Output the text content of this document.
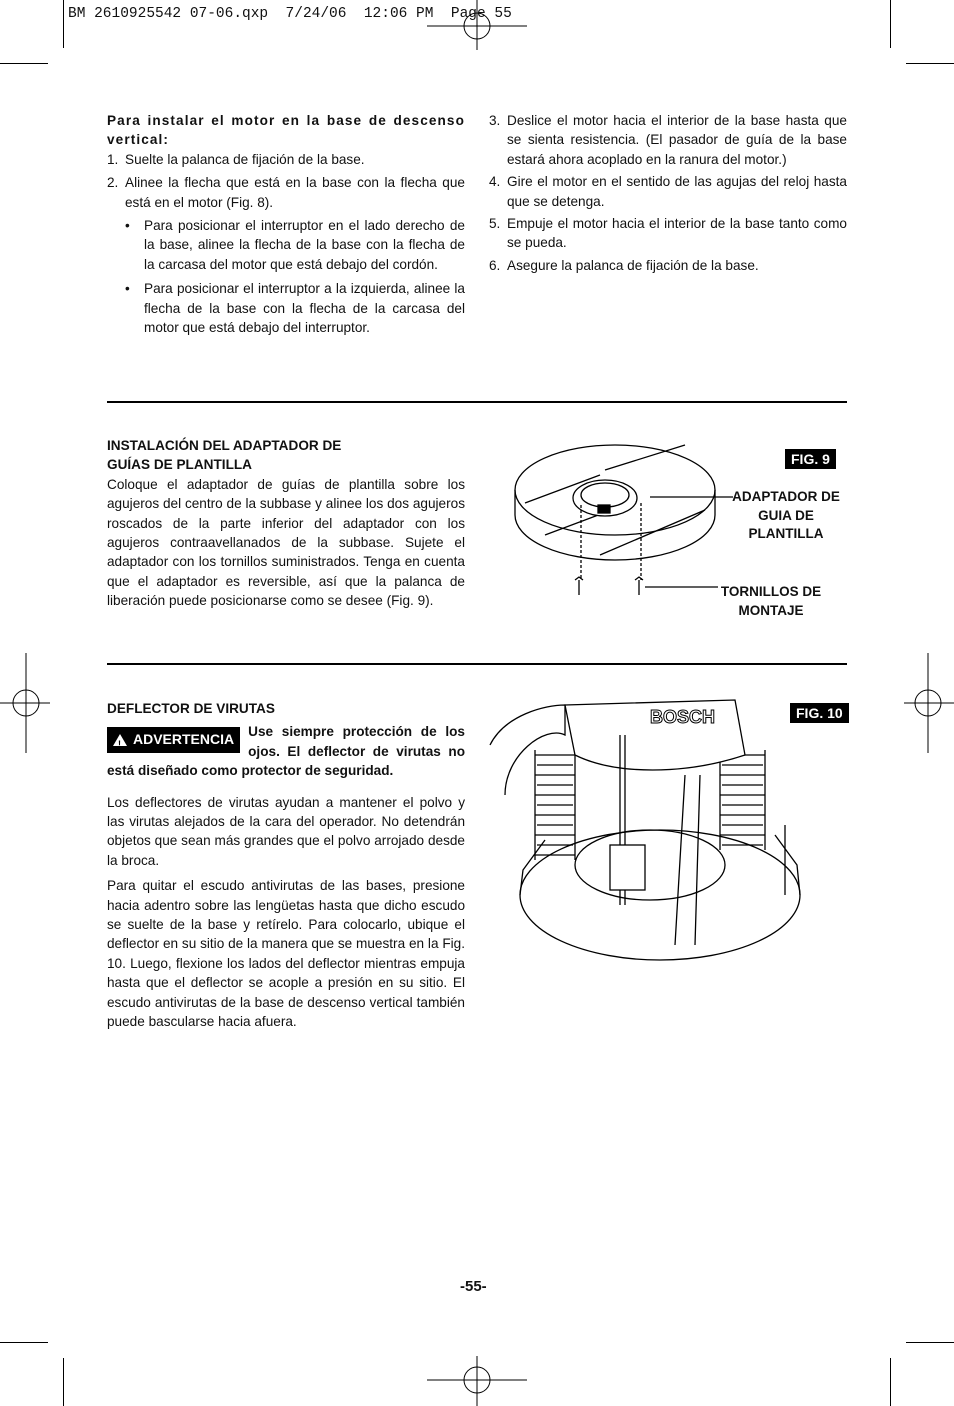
BM 2610925542 07-06.qxp  7/24/06  12:06 PM  Page 55

Para instalar el motor en la base de descenso vertical:

1. Suelte la palanca de fijación de la base.
2. Alinee la flecha que está en la base con la flecha que está en el motor (Fig. 8).
• Para posicionar el interruptor en el lado derecho de la base, alinee la flecha de la base con la flecha de la carcasa del motor que está debajo del cordón.
• Para posicionar el interruptor a la izquierda, alinee la flecha de la base con la flecha de la carcasa del motor que está debajo del interruptor.
3. Deslice el motor hacia el interior de la base hasta que se sienta resistencia. (El pasador de guía de la base estará ahora acoplado en la ranura del motor.)
4. Gire el motor en el sentido de las agujas del reloj hasta que se detenga.
5. Empuje el motor hacia el interior de la base tanto como se pueda.
6. Asegure la palanca de fijación de la base.

INSTALACIÓN DEL ADAPTADOR DE

GUÍAS DE PLANTILLA

Coloque el adaptador de guías de plantilla sobre los agujeros del centro de la subbase y alinee los dos agujeros roscados de la parte inferior del adaptador con los agujeros contraavellanados de la subbase. Sujete el adaptador con los tornillos suministrados. Tenga en cuenta que el adaptador es reversible, así que la palanca de liberación puede posicionarse como se desee (Fig. 9).

FIG. 9
ADAPTADOR DE
GUIA DE
PLANTILLA
TORNILLOS DE
MONTAJE

DEFLECTOR DE VIRUTAS

! ADVERTENCIA Use siempre protección de los ojos. El deflector de virutas no está diseñado como protector de seguridad.

Los deflectores de virutas ayudan a mantener el polvo y las virutas alejados de la cara del operador. No detendrán objetos que sean más grandes que el polvo arrojado desde la broca.

Para quitar el escudo antivirutas de las bases, presione hacia adentro sobre las lengüetas hasta que dicho escudo se suelte de la base y retírelo. Para colocarlo, ubique el deflector en su sitio de la manera que se muestra en la Fig. 10. Luego, flexione los lados del deflector mientras empuja hasta que el deflector se acople a presión en su sitio. El escudo antivirutas de la base de descenso vertical también puede bascularse hacia afuera.

FIG. 10
BOSCH
-55-
